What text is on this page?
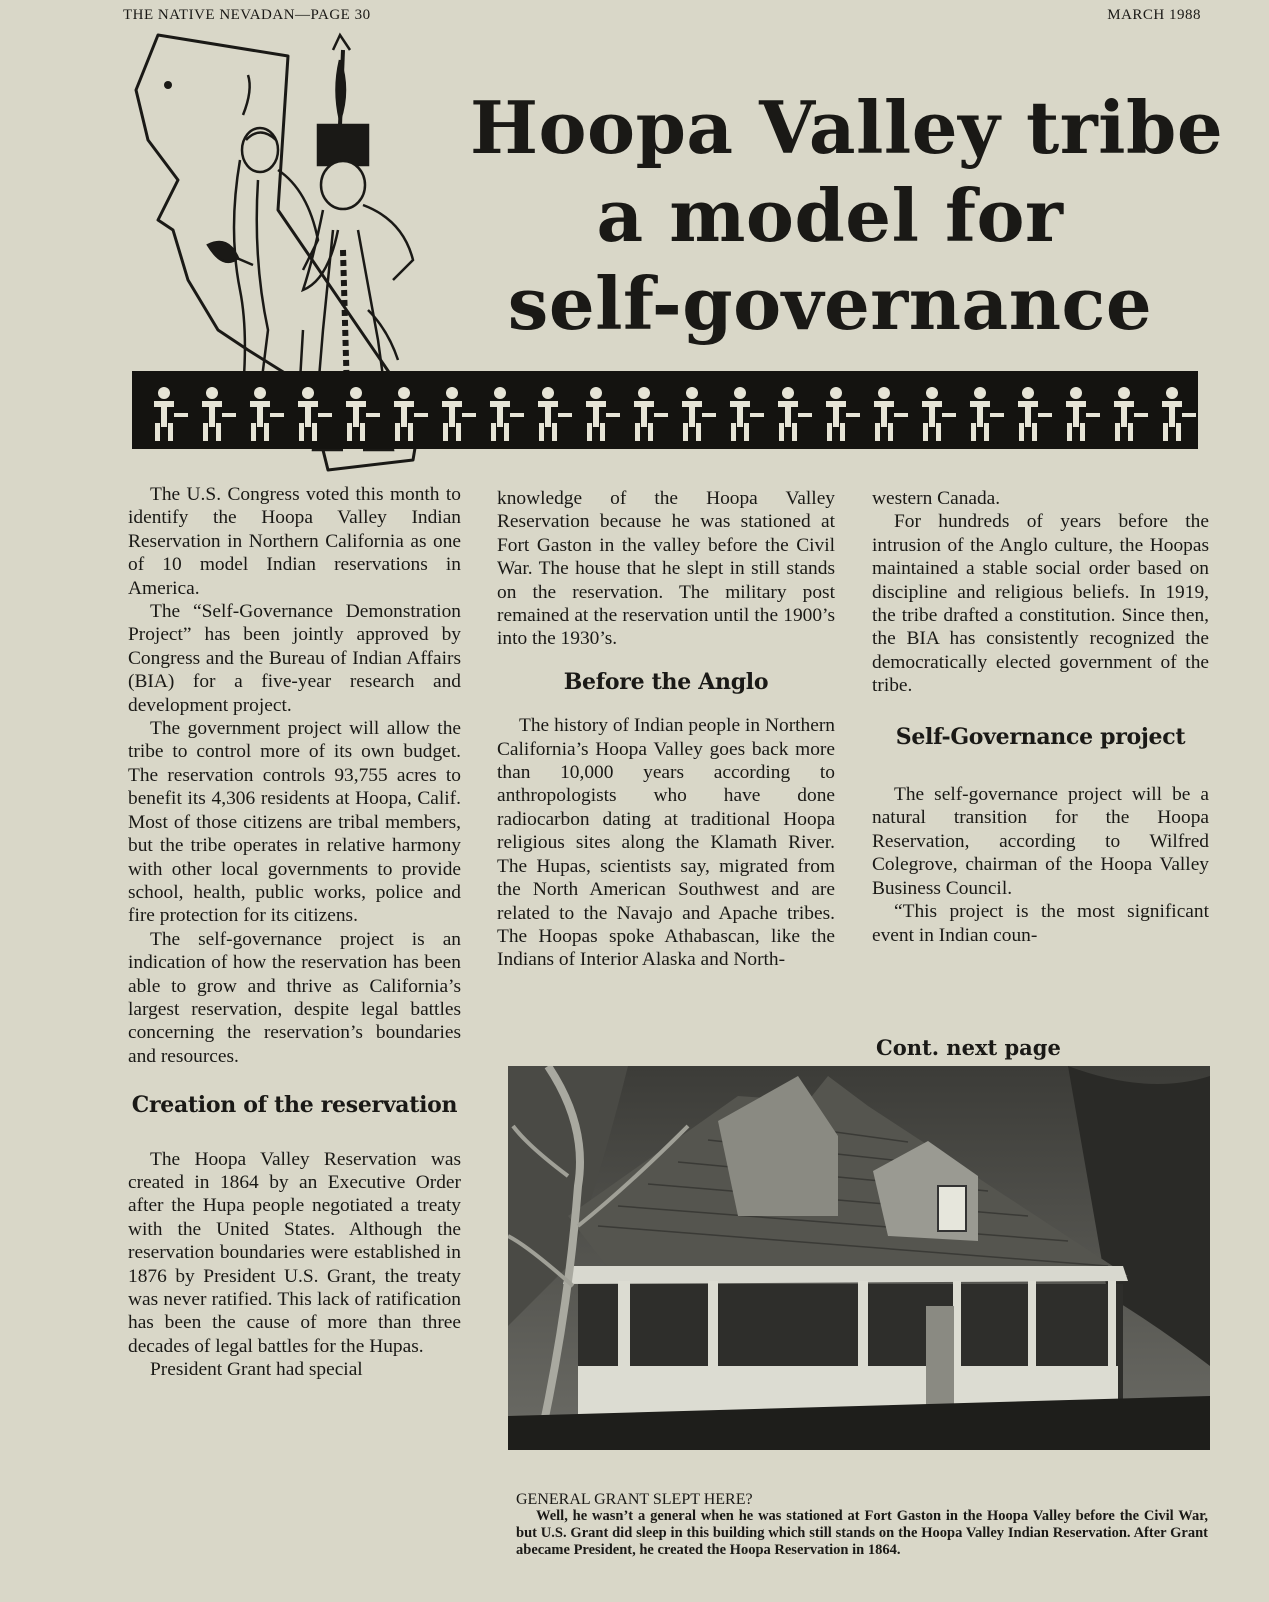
THE NATIVE NEVADAN—PAGE 30	MARCH 1988
Hoopa Valley tribe
a model for
self-governance

The U.S. Congress voted this month to identify the Hoopa Valley Indian Reservation in Northern California as one of 10 model Indian reservations in America.

The “Self-Governance Demonstration Project” has been jointly approved by Congress and the Bureau of Indian Affairs (BIA) for a five-year research and development project.

The government project will allow the tribe to control more of its own budget. The reservation controls 93,755 acres to benefit its 4,306 residents at Hoopa, Calif. Most of those citizens are tribal members, but the tribe operates in relative harmony with other local governments to provide school, health, public works, police and fire protection for its citizens.

The self-governance project is an indication of how the reservation has been able to grow and thrive as California’s largest reservation, despite legal battles concerning the reservation’s boundaries and resources.

Creation of the reservation

The Hoopa Valley Reservation was created in 1864 by an Executive Order after the Hupa people negotiated a treaty with the United States. Although the reservation boundaries were established in 1876 by President U.S. Grant, the treaty was never ratified. This lack of ratification has been the cause of more than three decades of legal battles for the Hupas.

President Grant had special

knowledge of the Hoopa Valley Reservation because he was stationed at Fort Gaston in the valley before the Civil War. The house that he slept in still stands on the reservation. The military post remained at the reservation until the 1900’s into the 1930’s.

Before the Anglo

The history of Indian people in Northern California’s Hoopa Valley goes back more than 10,000 years according to anthropologists who have done radiocarbon dating at traditional Hoopa religious sites along the Klamath River. The Hupas, scientists say, migrated from the North American Southwest and are related to the Navajo and Apache tribes. The Hoopas spoke Athabascan, like the Indians of Interior Alaska and North-

western Canada.

For hundreds of years before the intrusion of the Anglo culture, the Hoopas maintained a stable social order based on discipline and religious beliefs. In 1919, the tribe drafted a constitution. Since then, the BIA has consistently recognized the democratically elected government of the tribe.

Self-Governance project

The self-governance project will be a natural transition for the Hoopa Reservation, according to Wilfred Colegrove, chairman of the Hoopa Valley Business Council.

“This project is the most significant event in Indian coun-

Cont. next page
GENERAL GRANT SLEPT HERE?
Well, he wasn’t a general when he was stationed at Fort Gaston in the Hoopa Valley before the Civil War, but U.S. Grant did sleep in this building which still stands on the Hoopa Valley Indian Reservation. After Grant abecame President, he created the Hoopa Reservation in 1864.
